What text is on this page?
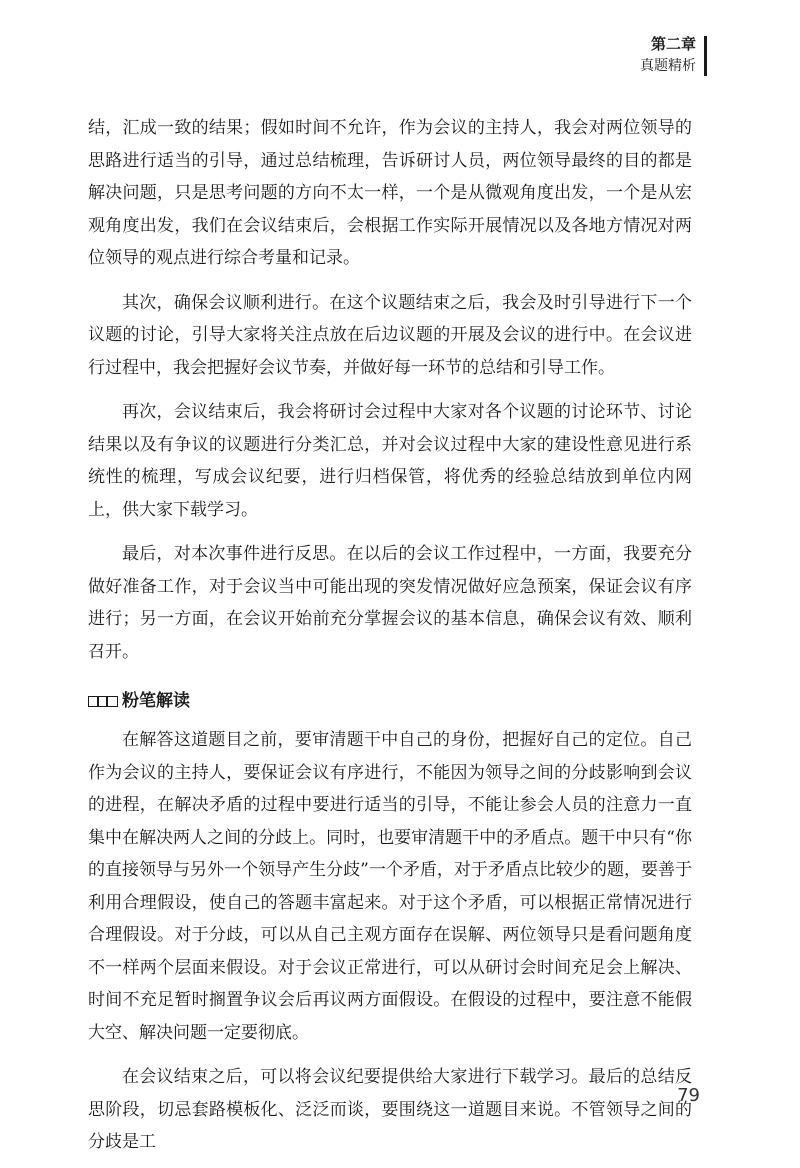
第二章
真题精析

结，汇成一致的结果；假如时间不允许，作为会议的主持人，我会对两位领导的思路进行适当的引导，通过总结梳理，告诉研讨人员，两位领导最终的目的都是解决问题，只是思考问题的方向不太一样，一个是从微观角度出发，一个是从宏观角度出发，我们在会议结束后，会根据工作实际开展情况以及各地方情况对两位领导的观点进行综合考量和记录。

其次，确保会议顺利进行。在这个议题结束之后，我会及时引导进行下一个议题的讨论，引导大家将关注点放在后边议题的开展及会议的进行中。在会议进行过程中，我会把握好会议节奏，并做好每一环节的总结和引导工作。

再次，会议结束后，我会将研讨会过程中大家对各个议题的讨论环节、讨论结果以及有争议的议题进行分类汇总，并对会议过程中大家的建设性意见进行系统性的梳理，写成会议纪要，进行归档保管，将优秀的经验总结放到单位内网上，供大家下载学习。

最后，对本次事件进行反思。在以后的会议工作过程中，一方面，我要充分做好准备工作，对于会议当中可能出现的突发情况做好应急预案，保证会议有序进行；另一方面，在会议开始前充分掌握会议的基本信息，确保会议有效、顺利召开。

粉笔解读

在解答这道题目之前，要审清题干中自己的身份，把握好自己的定位。自己作为会议的主持人，要保证会议有序进行，不能因为领导之间的分歧影响到会议的进程，在解决矛盾的过程中要进行适当的引导，不能让参会人员的注意力一直集中在解决两人之间的分歧上。同时，也要审清题干中的矛盾点。题干中只有“你的直接领导与另外一个领导产生分歧”一个矛盾，对于矛盾点比较少的题，要善于利用合理假设，使自己的答题丰富起来。对于这个矛盾，可以根据正常情况进行合理假设。对于分歧，可以从自己主观方面存在误解、两位领导只是看问题角度不一样两个层面来假设。对于会议正常进行，可以从研讨会时间充足会上解决、时间不充足暂时搁置争议会后再议两方面假设。在假设的过程中，要注意不能假大空、解决问题一定要彻底。

在会议结束之后，可以将会议纪要提供给大家进行下载学习。最后的总结反思阶段，切忌套路模板化、泛泛而谈，要围绕这一道题目来说。不管领导之间的分歧是工

79
